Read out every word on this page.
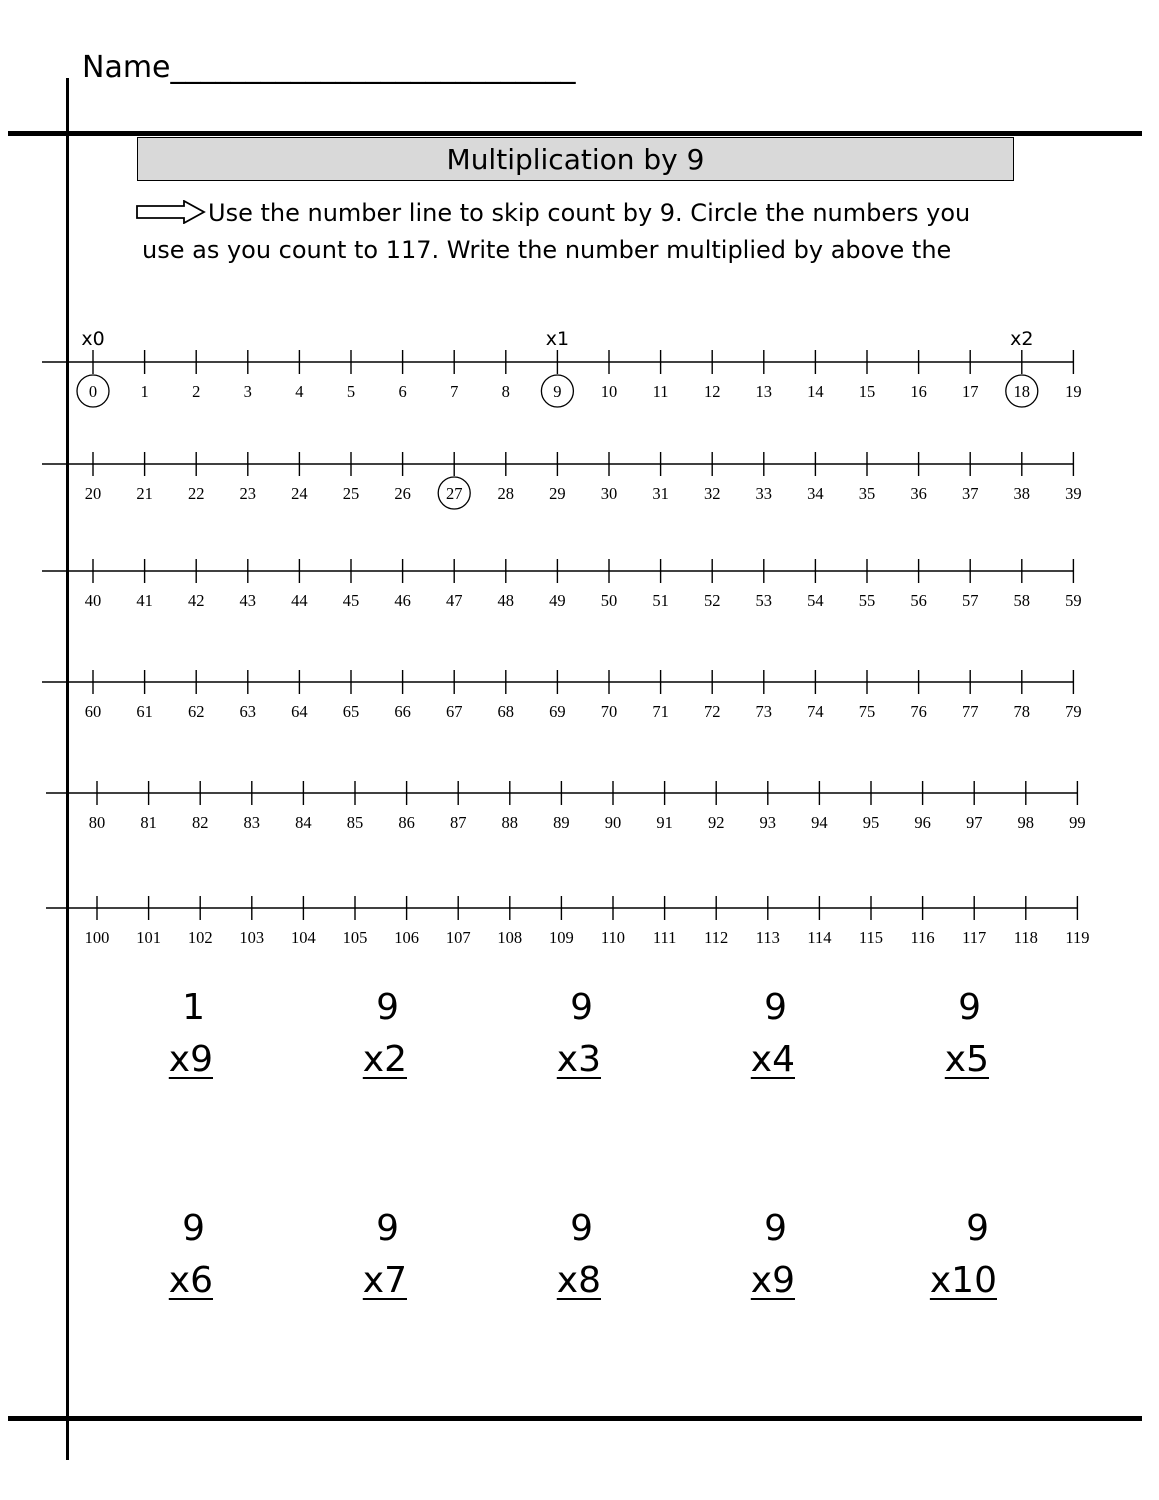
Name___________________________
Multiplication by 9
Use the number line to skip count by 9. Circle the numbers you
use as you count to 117. Write the number multiplied by above the
0	1	2	3	4	5	6	7	8	9 10 11 12 13 14 15 16 17 18 19
x0	x1	x2
20 21 22 23 24 25 26 27 28 29 30 31 32 33 34 35 36 37 38 39
40 41 42 43 44 45 46 47 48 49 50 51 52 53 54 55 56 57 58 59
60 61 62 63 64 65 66 67 68 69 70 71 72 73 74 75 76 77 78 79
80 81 82 83 84 85 86 87 88 89 90 91 92 93 94 95 96 97 98 99
100 101 102 103 104 105 106 107 108 109 110 111 112 113 114 115 116 117 118 119
1
x9
9
x2
9
x3
9
x4
9
x5
9
x6
9
x7
9
x8
9
x9
9
x10
